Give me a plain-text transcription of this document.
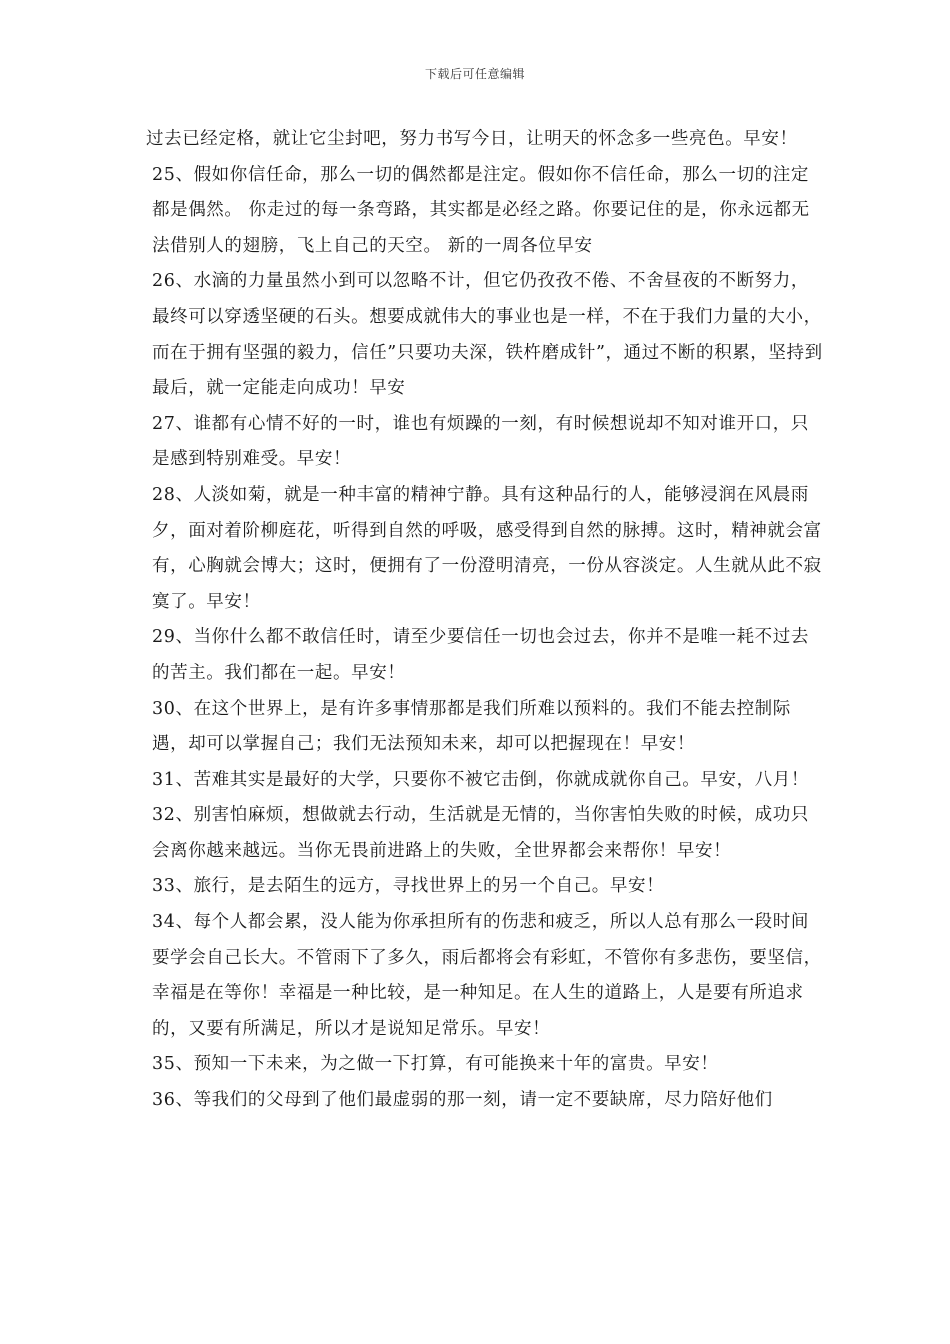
下载后可任意编辑

过去已经定格，就让它尘封吧，努力书写今日，让明天的怀念多一些亮色。早安！

25、假如你信任命，那么一切的偶然都是注定。假如你不信任命，那么一切的注定都是偶然。 你走过的每一条弯路，其实都是必经之路。你要记住的是，你永远都无法借别人的翅膀，飞上自己的天空。 新的一周各位早安

26、水滴的力量虽然小到可以忽略不计，但它仍孜孜不倦、不舍昼夜的不断努力，最终可以穿透坚硬的石头。想要成就伟大的事业也是一样，不在于我们力量的大小，而在于拥有坚强的毅力，信任”只要功夫深，铁杵磨成针”，通过不断的积累，坚持到最后，就一定能走向成功！早安

27、谁都有心情不好的一时，谁也有烦躁的一刻，有时候想说却不知对谁开口，只是感到特别难受。早安！

28、人淡如菊，就是一种丰富的精神宁静。具有这种品行的人，能够浸润在风晨雨夕，面对着阶柳庭花，听得到自然的呼吸，感受得到自然的脉搏。这时，精神就会富有，心胸就会博大；这时，便拥有了一份澄明清亮，一份从容淡定。人生就从此不寂寞了。早安！

29、当你什么都不敢信任时，请至少要信任一切也会过去，你并不是唯一耗不过去的苦主。我们都在一起。早安！

30、在这个世界上，是有许多事情那都是我们所难以预料的。我们不能去控制际遇，却可以掌握自己；我们无法预知未来，却可以把握现在！早安！

31、苦难其实是最好的大学，只要你不被它击倒，你就成就你自己。早安，八月！

32、别害怕麻烦，想做就去行动，生活就是无情的，当你害怕失败的时候，成功只会离你越来越远。当你无畏前进路上的失败，全世界都会来帮你！早安！

33、旅行，是去陌生的远方，寻找世界上的另一个自己。早安！

34、每个人都会累，没人能为你承担所有的伤悲和疲乏，所以人总有那么一段时间要学会自己长大。不管雨下了多久，雨后都将会有彩虹，不管你有多悲伤，要坚信，幸福是在等你！幸福是一种比较，是一种知足。在人生的道路上，人是要有所追求的，又要有所满足，所以才是说知足常乐。早安！

35、预知一下未来，为之做一下打算，有可能换来十年的富贵。早安！

36、等我们的父母到了他们最虚弱的那一刻，请一定不要缺席，尽力陪好他们
